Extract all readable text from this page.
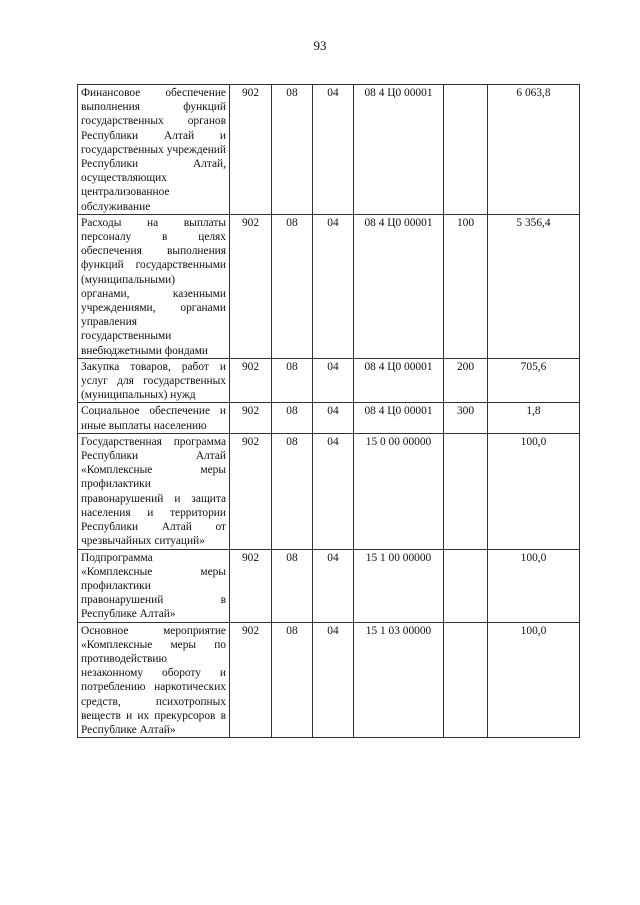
93
Финансовое обеспечение выполнения функций государственных органов Республики Алтай и государственных учреждений Республики Алтай, осуществляющих централизованное обслуживание	902	08	04	08 4 Ц0 00001		6 063,8
Расходы на выплаты персоналу в целях обеспечения выполнения функций государственными (муниципальными) органами, казенными учреждениями, органами управления государственными внебюджетными фондами	902	08	04	08 4 Ц0 00001	100	5 356,4
Закупка товаров, работ и услуг для государственных (муниципальных) нужд	902	08	04	08 4 Ц0 00001	200	705,6
Социальное обеспечение и иные выплаты населению	902	08	04	08 4 Ц0 00001	300	1,8
Государственная программа Республики Алтай «Комплексные меры профилактики правонарушений и защита населения и территории Республики Алтай от чрезвычайных ситуаций»	902	08	04	15 0 00 00000		100,0
Подпрограмма «Комплексные меры профилактики правонарушений в Республике Алтай»	902	08	04	15 1 00 00000		100,0
Основное мероприятие «Комплексные меры по противодействию незаконному обороту и потреблению наркотических средств, психотропных веществ и их прекурсоров в Республике Алтай»	902	08	04	15 1 03 00000		100,0
